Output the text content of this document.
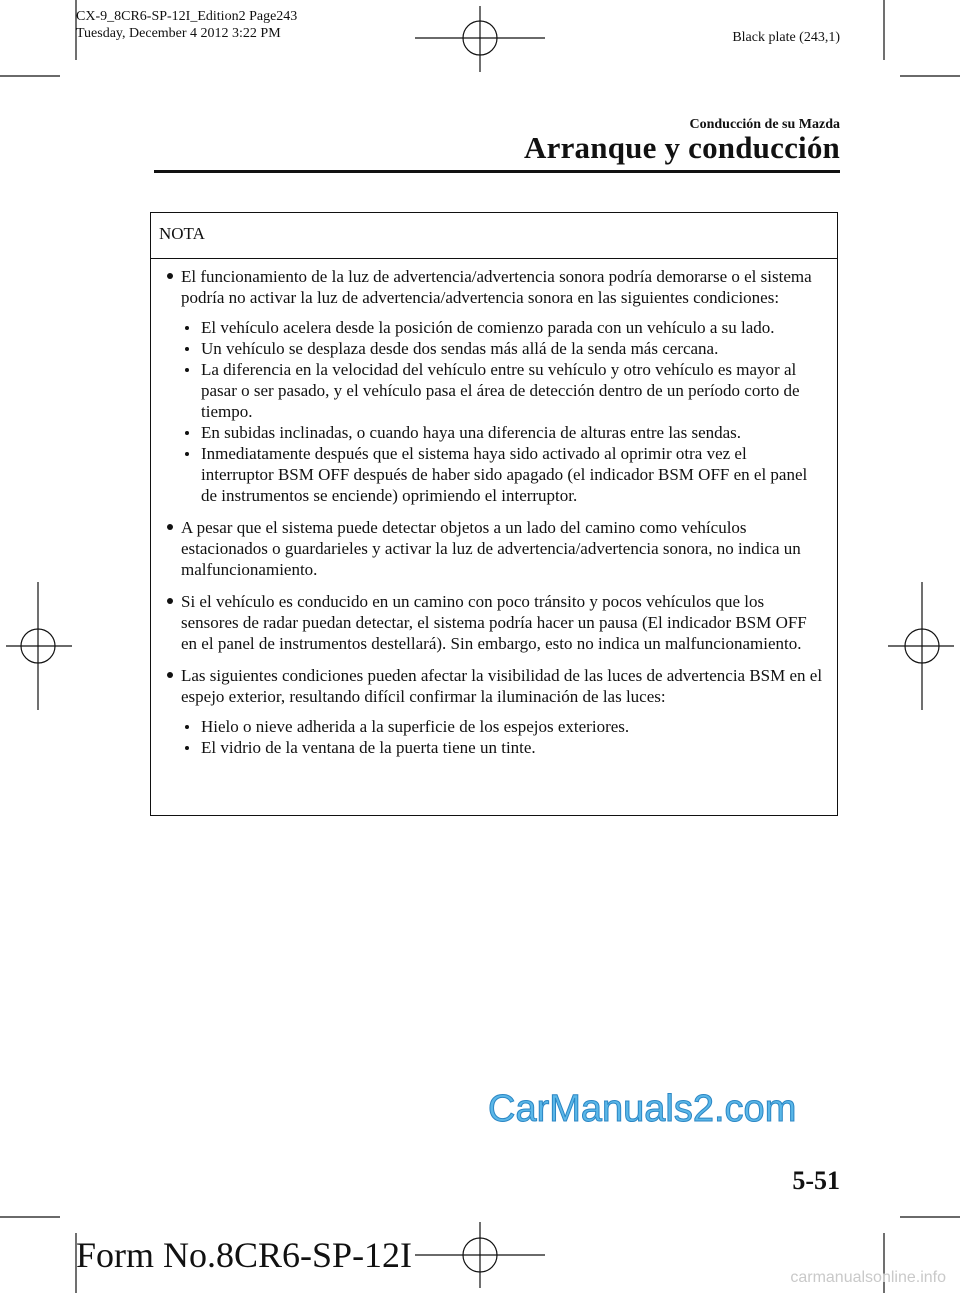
CX-9_8CR6-SP-12I_Edition2 Page243
Tuesday, December 4 2012 3:22 PM	Black plate (243,1)
Conducción de su Mazda
Arranque y conducción
NOTA
El funcionamiento de la luz de advertencia/advertencia sonora podría demorarse o el sistema podría no activar la luz de advertencia/advertencia sonora en las siguientes condiciones:
El vehículo acelera desde la posición de comienzo parada con un vehículo a su lado.
Un vehículo se desplaza desde dos sendas más allá de la senda más cercana.
La diferencia en la velocidad del vehículo entre su vehículo y otro vehículo es mayor al pasar o ser pasado, y el vehículo pasa el área de detección dentro de un período corto de tiempo.
En subidas inclinadas, o cuando haya una diferencia de alturas entre las sendas.
Inmediatamente después que el sistema haya sido activado al oprimir otra vez el interruptor BSM OFF después de haber sido apagado (el indicador BSM OFF en el panel de instrumentos se enciende) oprimiendo el interruptor.
A pesar que el sistema puede detectar objetos a un lado del camino como vehículos estacionados o guardarieles y activar la luz de advertencia/advertencia sonora, no indica un malfuncionamiento.
Si el vehículo es conducido en un camino con poco tránsito y pocos vehículos que los sensores de radar puedan detectar, el sistema podría hacer un pausa (El indicador BSM OFF en el panel de instrumentos destellará). Sin embargo, esto no indica un malfuncionamiento.
Las siguientes condiciones pueden afectar la visibilidad de las luces de advertencia BSM en el espejo exterior, resultando difícil confirmar la iluminación de las luces:
Hielo o nieve adherida a la superficie de los espejos exteriores.
El vidrio de la ventana de la puerta tiene un tinte.
CarManuals2.com
5-51
Form No.8CR6-SP-12I
carmanualsonline.info
